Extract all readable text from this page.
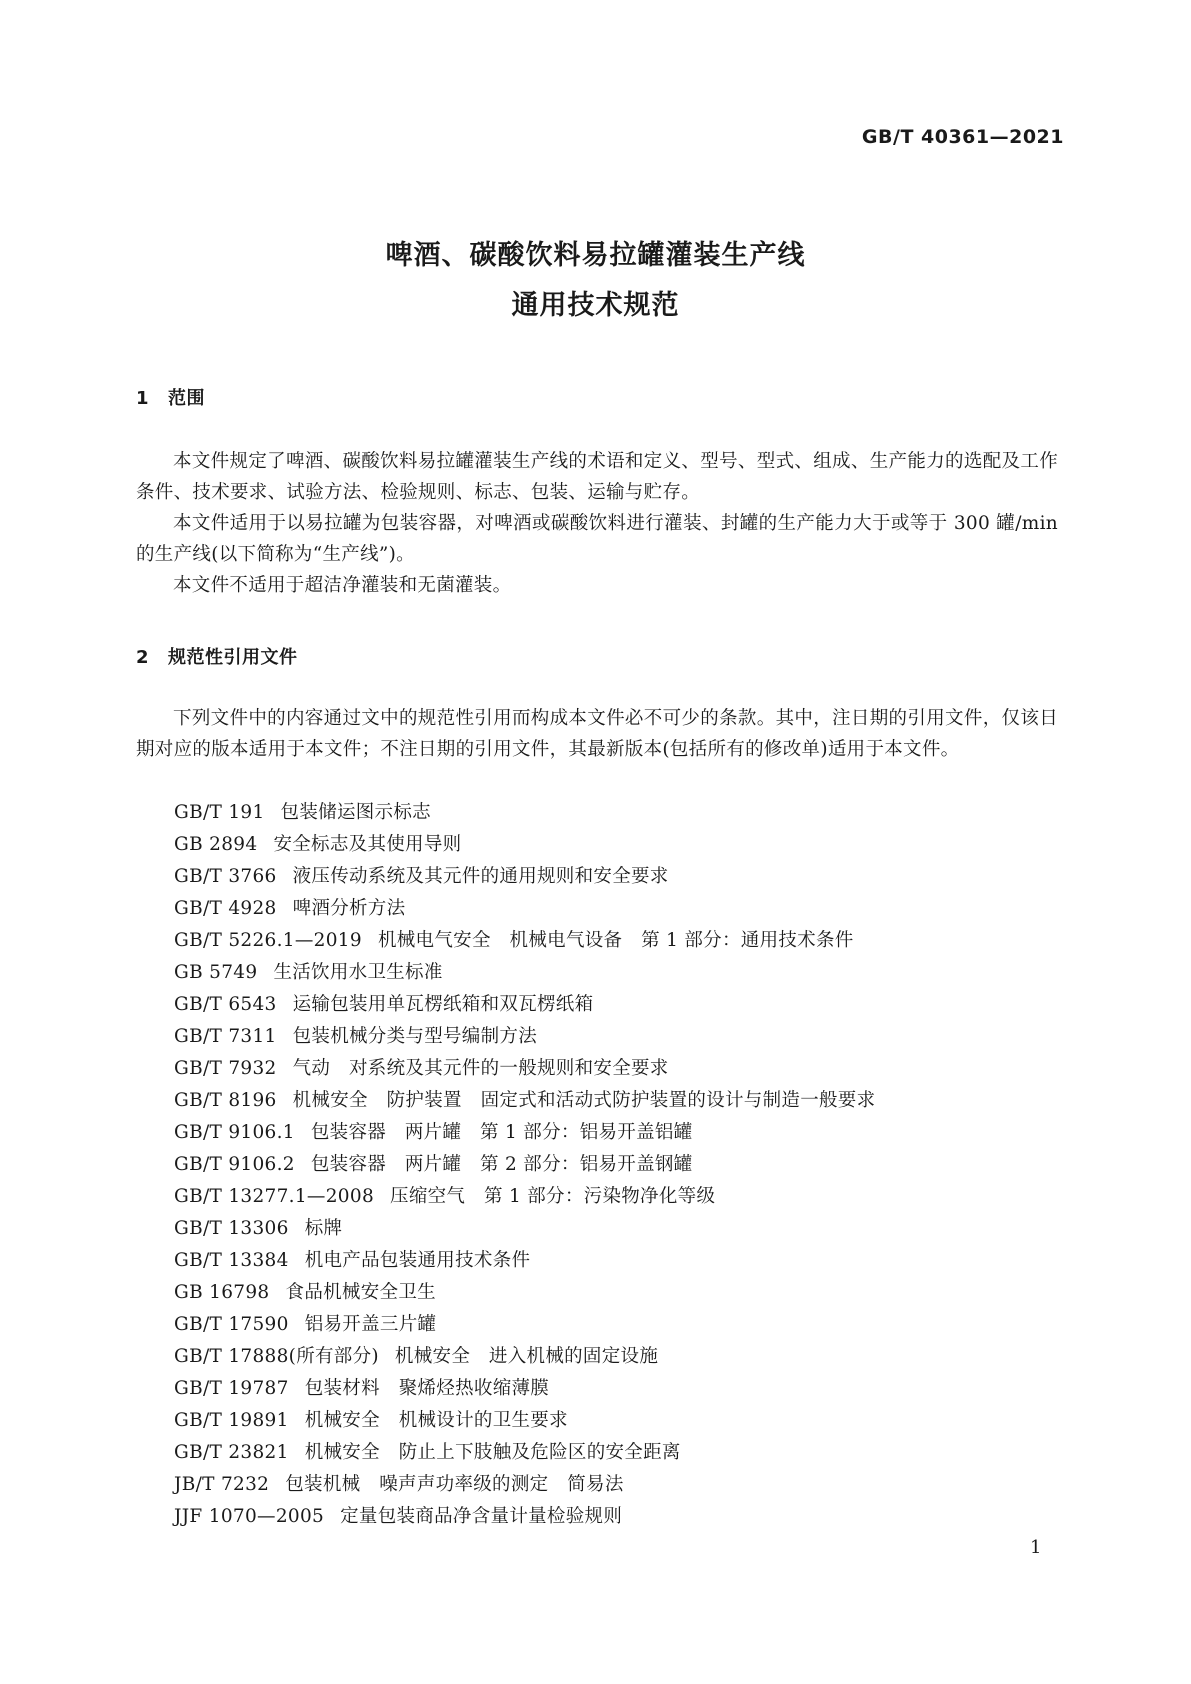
GB/T 40361—2021
啤酒、碳酸饮料易拉罐灌装生产线
通用技术规范
1 范围

本文件规定了啤酒、碳酸饮料易拉罐灌装生产线的术语和定义、型号、型式、组成、生产能力的选配及工作条件、技术要求、试验方法、检验规则、标志、包装、运输与贮存。

本文件适用于以易拉罐为包装容器，对啤酒或碳酸饮料进行灌装、封罐的生产能力大于或等于 300 罐/min 的生产线(以下简称为“生产线”)。

本文件不适用于超洁净灌装和无菌灌装。

2 规范性引用文件

下列文件中的内容通过文中的规范性引用而构成本文件必不可少的条款。其中，注日期的引用文件，仅该日期对应的版本适用于本文件；不注日期的引用文件，其最新版本(包括所有的修改单)适用于本文件。

GB/T 191 包装储运图示标志
GB 2894 安全标志及其使用导则
GB/T 3766 液压传动系统及其元件的通用规则和安全要求
GB/T 4928 啤酒分析方法
GB/T 5226.1—2019 机械电气安全　机械电气设备　第 1 部分：通用技术条件
GB 5749 生活饮用水卫生标准
GB/T 6543 运输包装用单瓦楞纸箱和双瓦楞纸箱
GB/T 7311 包装机械分类与型号编制方法
GB/T 7932 气动　对系统及其元件的一般规则和安全要求
GB/T 8196 机械安全　防护装置　固定式和活动式防护装置的设计与制造一般要求
GB/T 9106.1 包装容器　两片罐　第 1 部分：铝易开盖铝罐
GB/T 9106.2 包装容器　两片罐　第 2 部分：铝易开盖钢罐
GB/T 13277.1—2008 压缩空气　第 1 部分：污染物净化等级
GB/T 13306 标牌
GB/T 13384 机电产品包装通用技术条件
GB 16798 食品机械安全卫生
GB/T 17590 铝易开盖三片罐
GB/T 17888(所有部分) 机械安全　进入机械的固定设施
GB/T 19787 包装材料　聚烯烃热收缩薄膜
GB/T 19891 机械安全　机械设计的卫生要求
GB/T 23821 机械安全　防止上下肢触及危险区的安全距离
JB/T 7232 包装机械　噪声声功率级的测定　简易法
JJF 1070—2005 定量包装商品净含量计量检验规则
1
